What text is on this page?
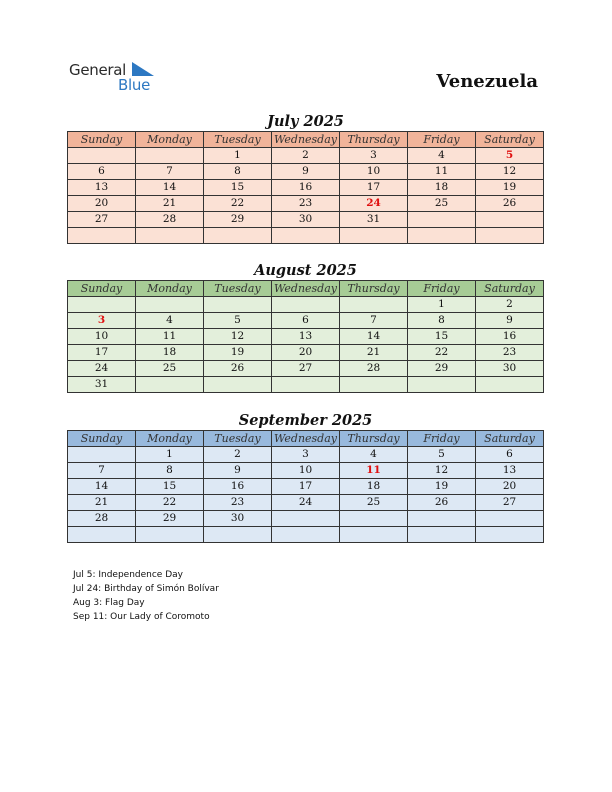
General
Blue	Venezuela
July 2025
Sunday	Monday	Tuesday	Wednesday	Thursday	Friday	Saturday
		1	2	3	4	5
6	7	8	9	10	11	12
13	14	15	16	17	18	19
20	21	22	23	24	25	26
27	28	29	30	31		

August 2025
Sunday	Monday	Tuesday	Wednesday	Thursday	Friday	Saturday
					1	2
3	4	5	6	7	8	9
10	11	12	13	14	15	16
17	18	19	20	21	22	23
24	25	26	27	28	29	30
31						
September 2025
Sunday	Monday	Tuesday	Wednesday	Thursday	Friday	Saturday
	1	2	3	4	5	6
7	8	9	10	11	12	13
14	15	16	17	18	19	20
21	22	23	24	25	26	27
28	29	30				

Jul 5: Independence Day
Jul 24: Birthday of Simón Bolívar
Aug 3: Flag Day
Sep 11: Our Lady of Coromoto
